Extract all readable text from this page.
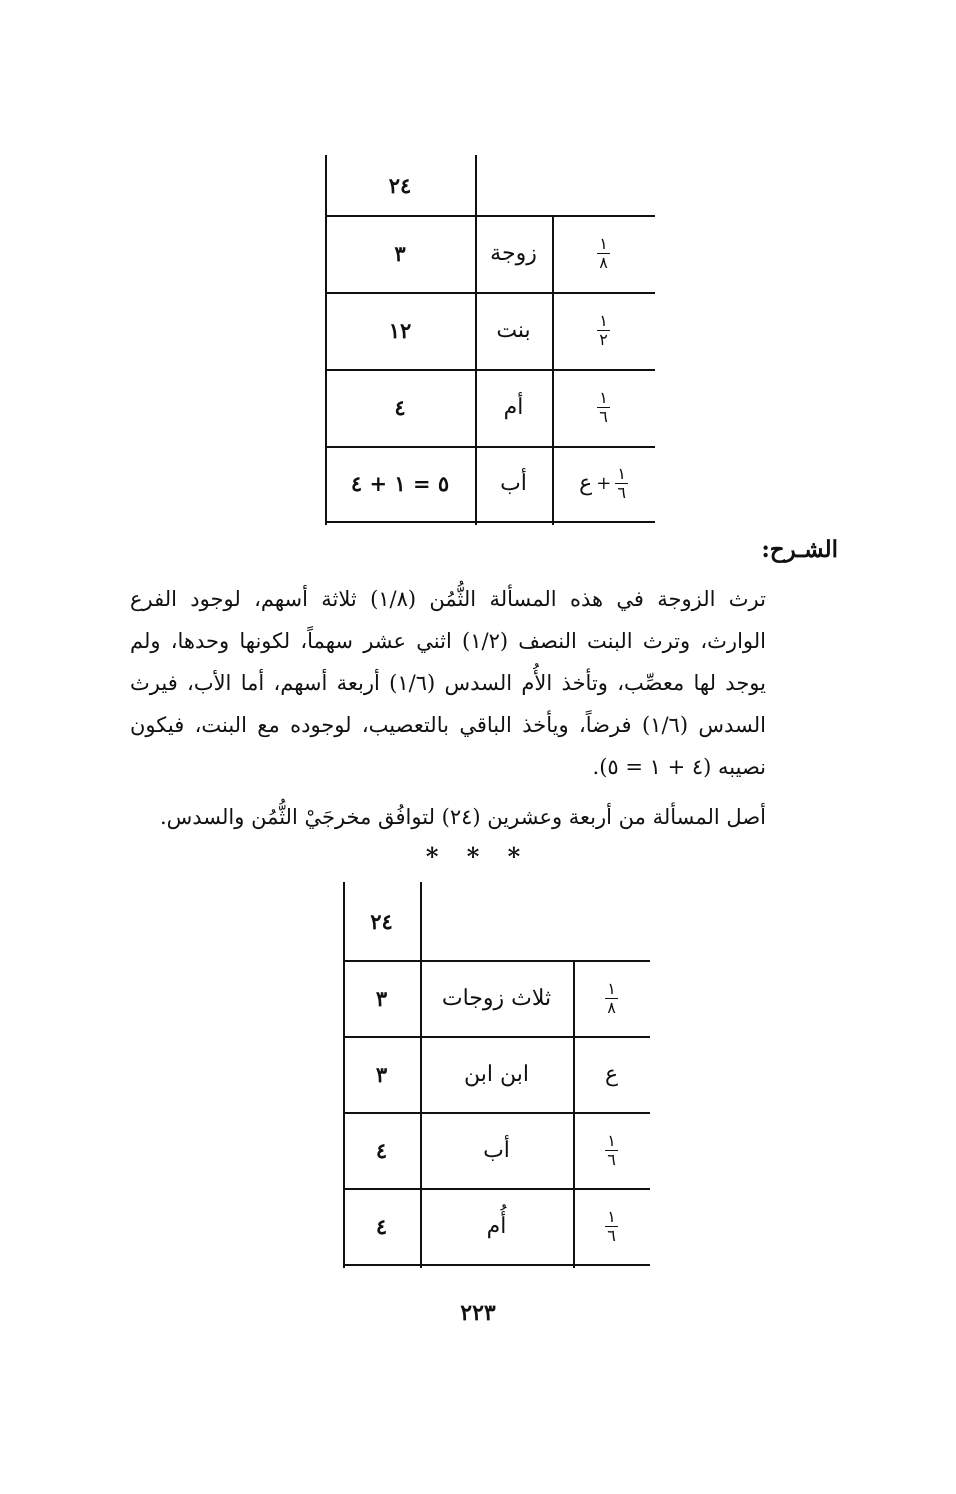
٢٤
٣	زوجة	$\frac{١}{٨}$
١٢	بنت	$\frac{١}{٢}$
٤	أم	$\frac{١}{٦}$
٥ = ١ + ٤	أب	ع + $\frac{١}{٦}$
الشـرح:
ترث الزوجة في هذه المسألة الثُّمُن (١/٨) ثلاثة أسهم، لوجود الفرع
الوارث، وترث البنت النصف (١/٢) اثني عشر سهماً، لكونها وحدها، ولم
يوجد لها معصِّب، وتأخذ الأُم السدس (١/٦) أربعة أسهم، أما الأب، فيرث
السدس (١/٦) فرضاً، ويأخذ الباقي بالتعصيب، لوجوده مع البنت، فيكون
نصيبه (٤ + ١ = ٥).
أصل المسألة من أربعة وعشرين (٢٤) لتوافُق مخرجَيْ الثُّمُن والسدس.
* * *
٢٤
٣	ثلاث زوجات	$\frac{١}{٨}$
٣	ابن ابن	ع
٤	أب	$\frac{١}{٦}$
٤	أُم	$\frac{١}{٦}$
٢٢٣
